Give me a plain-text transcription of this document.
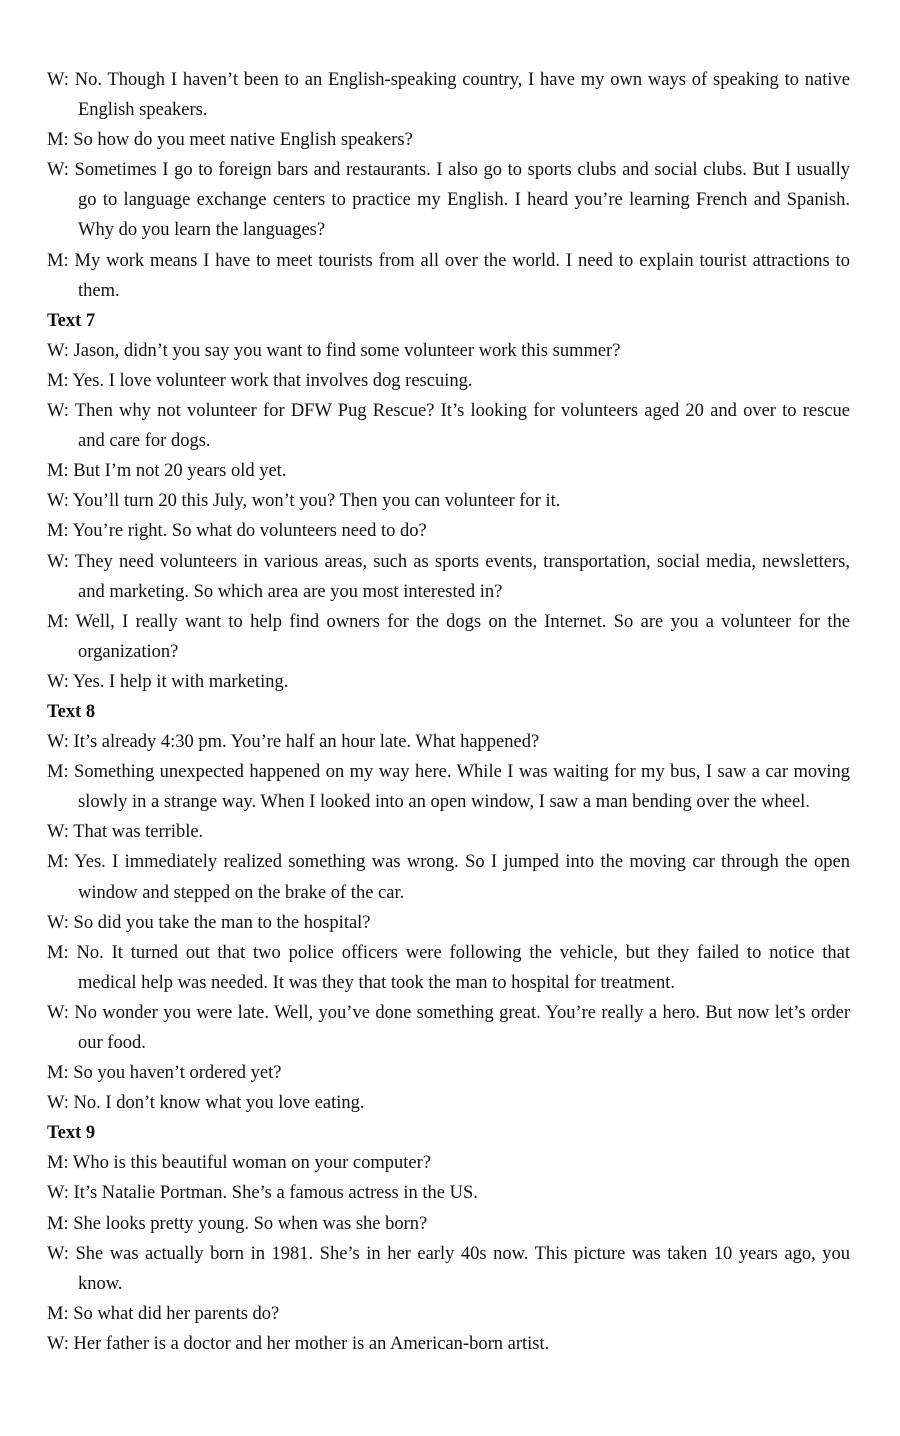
W: No. Though I haven’t been to an English-speaking country, I have my own ways of speaking to native English speakers.
M: So how do you meet native English speakers?
W: Sometimes I go to foreign bars and restaurants. I also go to sports clubs and social clubs. But I usually go to language exchange centers to practice my English. I heard you’re learning French and Spanish. Why do you learn the languages?
M: My work means I have to meet tourists from all over the world. I need to explain tourist attractions to them.
Text 7
W: Jason, didn’t you say you want to find some volunteer work this summer?
M: Yes. I love volunteer work that involves dog rescuing.
W: Then why not volunteer for DFW Pug Rescue? It’s looking for volunteers aged 20 and over to rescue and care for dogs.
M: But I’m not 20 years old yet.
W: You’ll turn 20 this July, won’t you? Then you can volunteer for it.
M: You’re right. So what do volunteers need to do?
W: They need volunteers in various areas, such as sports events, transportation, social media, newsletters, and marketing. So which area are you most interested in?
M: Well, I really want to help find owners for the dogs on the Internet. So are you a volunteer for the organization?
W: Yes. I help it with marketing.
Text 8
W: It’s already 4:30 pm. You’re half an hour late. What happened?
M: Something unexpected happened on my way here. While I was waiting for my bus, I saw a car moving slowly in a strange way. When I looked into an open window, I saw a man bending over the wheel.
W: That was terrible.
M: Yes. I immediately realized something was wrong. So I jumped into the moving car through the open window and stepped on the brake of the car.
W: So did you take the man to the hospital?
M: No. It turned out that two police officers were following the vehicle, but they failed to notice that medical help was needed. It was they that took the man to hospital for treatment.
W: No wonder you were late. Well, you’ve done something great. You’re really a hero. But now let’s order our food.
M: So you haven’t ordered yet?
W: No. I don’t know what you love eating.
Text 9
M: Who is this beautiful woman on your computer?
W: It’s Natalie Portman. She’s a famous actress in the US.
M: She looks pretty young. So when was she born?
W: She was actually born in 1981. She’s in her early 40s now. This picture was taken 10 years ago, you know.
M: So what did her parents do?
W: Her father is a doctor and her mother is an American-born artist.
